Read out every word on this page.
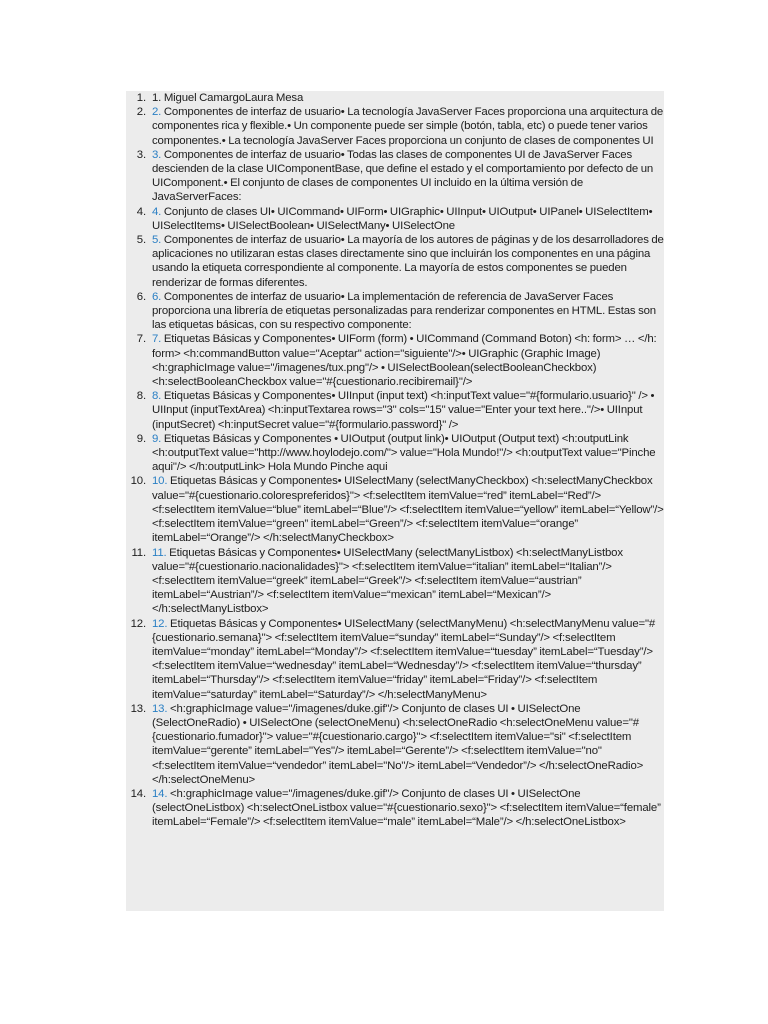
1. 1. Miguel CamargoLaura Mesa
2. 2. Componentes de interfaz de usuario• La tecnología JavaServer Faces proporciona una arquitectura de componentes rica y flexible.• Un componente puede ser simple (botón, tabla, etc) o puede tener varios componentes.• La tecnología JavaServer Faces proporciona un conjunto de clases de componentes UI
3. 3. Componentes de interfaz de usuario• Todas las clases de componentes UI de JavaServer Faces descienden de la clase UIComponentBase, que define el estado y el comportamiento por defecto de un UIComponent.• El conjunto de clases de componentes UI incluido en la última versión de JavaServerFaces:
4. 4. Conjunto de clases UI• UICommand• UIForm• UIGraphic• UIInput• UIOutput• UIPanel• UISelectItem• UISelectItems• UISelectBoolean• UISelectMany• UISelectOne
5. 5. Componentes de interfaz de usuario• La mayoría de los autores de páginas y de los desarrolladores de aplicaciones no utilizaran estas clases directamente sino que incluirán los componentes en una página usando la etiqueta correspondiente al componente. La mayoría de estos componentes se pueden renderizar de formas diferentes.
6. 6. Componentes de interfaz de usuario• La implementación de referencia de JavaServer Faces proporciona una librería de etiquetas personalizadas para renderizar componentes en HTML. Estas son las etiquetas básicas, con su respectivo componente:
7. 7. Etiquetas Básicas y Componentes• UIForm (form) • UICommand (Command Boton) <h: form> … </h: form> <h:commandButton value="Aceptar" action="siguiente"/>• UIGraphic (Graphic Image) <h:graphicImage value="/imagenes/tux.png"/> • UISelectBoolean(selectBooleanCheckbox) <h:selectBooleanCheckbox value="#{cuestionario.recibiremail}"/>
8. 8. Etiquetas Básicas y Componentes• UIInput (input text) <h:inputText value="#{formulario.usuario}" /> • UIInput (inputTextArea) <h:inputTextarea rows="3" cols="15" value="Enter your text here.."/>• UIInput (inputSecret) <h:inputSecret value="#{formulario.password}" />
9. 9. Etiquetas Básicas y Componentes • UIOutput (output link)• UIOutput (Output text) <h:outputLink <h:outputText value="http://www.hoylodejo.com/"> value="Hola Mundo!"/> <h:outputText value="Pinche aqui"/> </h:outputLink> Hola Mundo Pinche aqui
10. 10. Etiquetas Básicas y Componentes• UISelectMany (selectManyCheckbox) <h:selectManyCheckbox value="#{cuestionario.colorespreferidos}"> <f:selectItem itemValue=“red” itemLabel=“Red”/> <f:selectItem itemValue=“blue” itemLabel=“Blue”/> <f:selectItem itemValue=“yellow” itemLabel=“Yellow”/> <f:selectItem itemValue=“green” itemLabel=“Green”/> <f:selectItem itemValue=“orange” itemLabel=“Orange”/> </h:selectManyCheckbox>
11. 11. Etiquetas Básicas y Componentes• UISelectMany (selectManyListbox) <h:selectManyListbox value="#{cuestionario.nacionalidades}"> <f:selectItem itemValue=“italian” itemLabel=“Italian”/> <f:selectItem itemValue=“greek” itemLabel=“Greek”/> <f:selectItem itemValue=“austrian” itemLabel=“Austrian”/> <f:selectItem itemValue=“mexican” itemLabel=“Mexican”/> </h:selectManyListbox>
12. 12. Etiquetas Básicas y Componentes• UISelectMany (selectManyMenu) <h:selectManyMenu value="#{cuestionario.semana}"> <f:selectItem itemValue=“sunday” itemLabel=“Sunday”/> <f:selectItem itemValue=“monday” itemLabel=“Monday”/> <f:selectItem itemValue=“tuesday” itemLabel=“Tuesday”/> <f:selectItem itemValue=“wednesday” itemLabel=“Wednesday”/> <f:selectItem itemValue=“thursday” itemLabel=“Thursday”/> <f:selectItem itemValue=“friday” itemLabel=“Friday”/> <f:selectItem itemValue=“saturday” itemLabel=“Saturday”/> </h:selectManyMenu>
13. 13. <h:graphicImage value="/imagenes/duke.gif"/> Conjunto de clases UI • UISelectOne (SelectOneRadio) • UISelectOne (selectOneMenu) <h:selectOneRadio <h:selectOneMenu value="#{cuestionario.fumador}"> value="#{cuestionario.cargo}"> <f:selectItem itemValue="si" <f:selectItem itemValue=“gerente” itemLabel="Yes"/> itemLabel=“Gerente”/> <f:selectItem itemValue="no" <f:selectItem itemValue=“vendedor” itemLabel="No"/> itemLabel=“Vendedor”/> </h:selectOneRadio> </h:selectOneMenu>
14. 14. <h:graphicImage value="/imagenes/duke.gif"/> Conjunto de clases UI • UISelectOne (selectOneListbox) <h:selectOneListbox value="#{cuestionario.sexo}"> <f:selectItem itemValue=“female” itemLabel=“Female”/> <f:selectItem itemValue=“male” itemLabel=“Male”/> </h:selectOneListbox>
